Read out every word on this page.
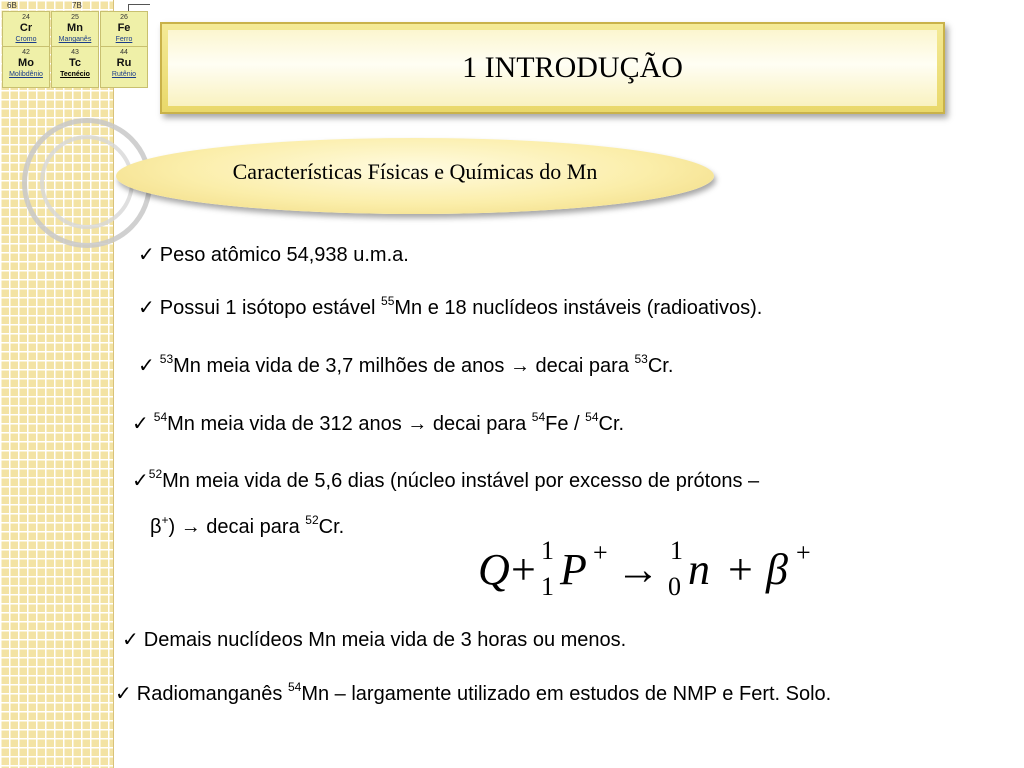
6B	7B
24
Cr
Cromo
25
Mn
Manganês
26
Fe
Ferro
42
Mo
Molibdênio
43
Tc
Tecnécio
44
Ru
Rutênio	1 INTRODUÇÃO
Características Físicas e Químicas do Mn
✓ Peso atômico 54,938 u.m.a.
✓ Possui 1 isótopo estável $^{55}$Mn e 18 nuclídeos instáveis (radioativos).
✓ $^{53}$Mn meia vida de 3,7 milhões de anos → decai para $^{53}$Cr.
✓ $^{54}$Mn meia vida de 312 anos → decai para $^{54}$Fe / $^{54}$Cr.
✓$^{52}$Mn meia vida de 5,6 dias (núcleo instável por excesso de prótons –
β+) → decai para $^{52}$Cr.
Q + 1
1 P + → 1
0 n + β +
✓ Demais nuclídeos Mn meia vida de 3 horas ou menos.
✓ Radiomanganês $^{54}$Mn – largamente utilizado em estudos de NMP e Fert. Solo.
